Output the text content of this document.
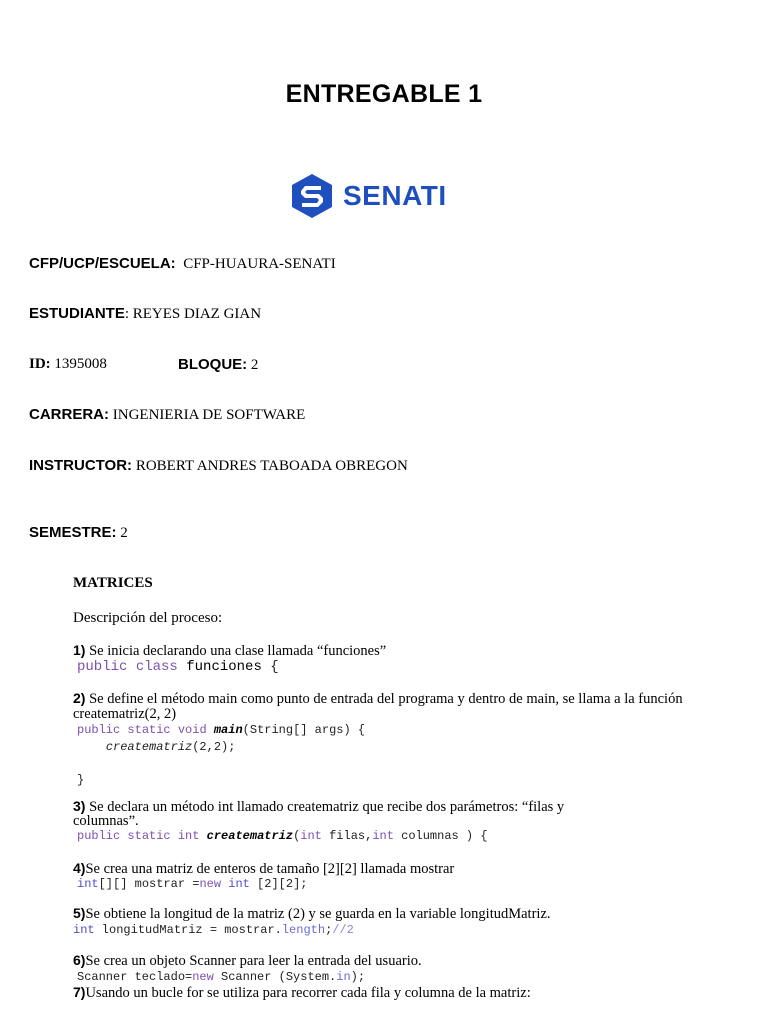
ENTREGABLE 1
SENATI
CFP/UCP/ESCUELA: CFP-HUAURA-SENATI
ESTUDIANTE: REYES DIAZ GIAN
ID: 1395008	BLOQUE: 2
CARRERA: INGENIERIA DE SOFTWARE
INSTRUCTOR: ROBERT ANDRES TABOADA OBREGON
SEMESTRE: 2
MATRICES
Descripción del proceso:
1) Se inicia declarando una clase llamada “funciones”
public class funciones {
2) Se define el método main como punto de entrada del programa y dentro de main, se llama a la función
creatematriz(2, 2)
public static void main(String[] args) {
creatematriz(2,2);
}
3) Se declara un método int llamado creatematriz que recibe dos parámetros: “filas y
columnas”.
public static int creatematriz(int filas,int columnas ) {
4)Se crea una matriz de enteros de tamaño [2][2] llamada mostrar
int[][] mostrar =new int [2][2];
5)Se obtiene la longitud de la matriz (2) y se guarda en la variable longitudMatriz.
int longitudMatriz = mostrar.length;//2
6)Se crea un objeto Scanner para leer la entrada del usuario.
Scanner teclado=new Scanner (System.in);
7)Usando un bucle for se utiliza para recorrer cada fila y columna de la matriz:
